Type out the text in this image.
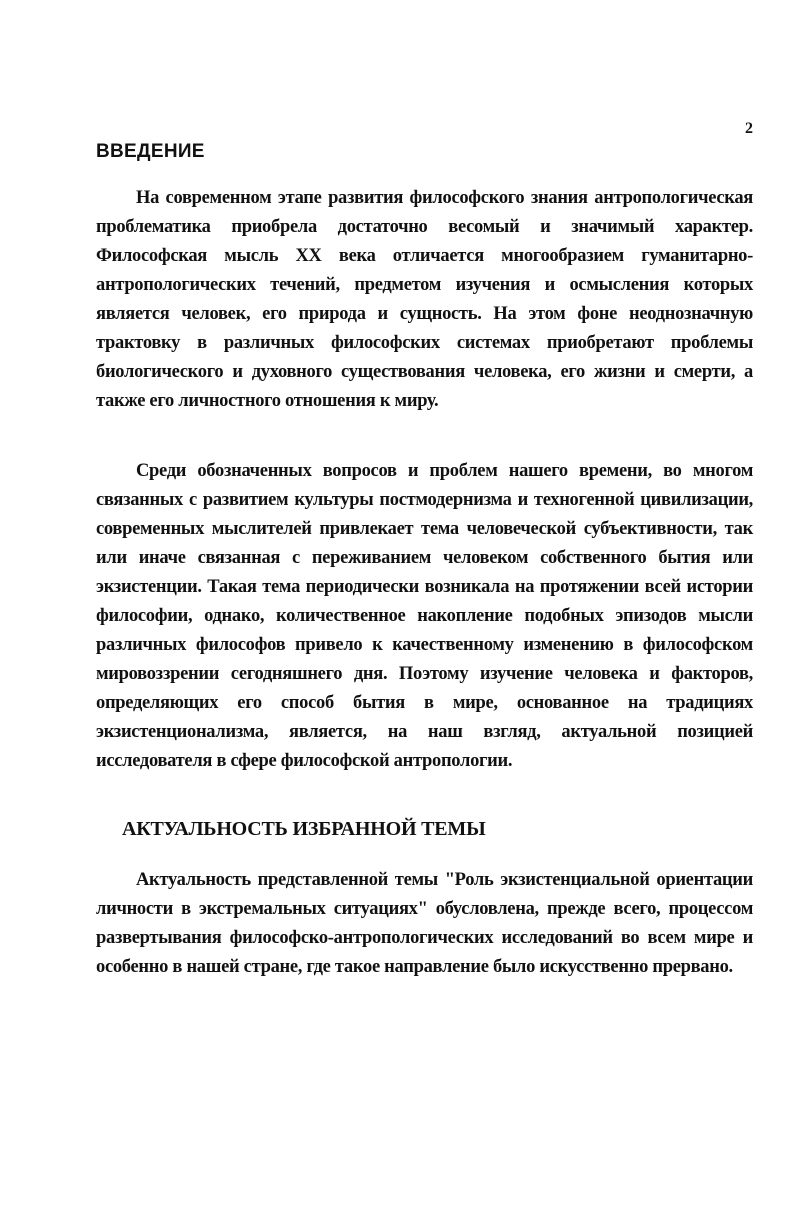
2
ВВЕДЕНИЕ

На современном этапе развития философского знания антропологическая проблематика приобрела достаточно весомый и значимый характер. Философская мысль XX века отличается многообразием гуманитарно-антропологических течений, предметом изучения и осмысления которых является человек, его природа и сущность. На этом фоне неоднозначную трактовку в различных философских системах приобретают проблемы биологического и духовного существования человека, его жизни и смерти, а также его личностного отношения к миру.

Среди обозначенных вопросов и проблем нашего времени, во многом связанных с развитием культуры постмодернизма и техногенной цивилизации, современных мыслителей привлекает тема человеческой субъективности, так или иначе связанная с переживанием человеком собственного бытия или экзистенции. Такая тема периодически возникала на протяжении всей истории философии, однако, количественное накопление подобных эпизодов мысли различных философов привело к качественному изменению в философском мировоззрении сегодняшнего дня. Поэтому изучение человека и факторов, определяющих его способ бытия в мире, основанное на традициях экзистенционализма, является, на наш взгляд, актуальной позицией исследователя в сфере философской антропологии.

АКТУАЛЬНОСТЬ ИЗБРАННОЙ ТЕМЫ

Актуальность представленной темы "Роль экзистенциальной ориентации личности в экстремальных ситуациях" обусловлена, прежде всего, процессом развертывания философско-антропологических исследований во всем мире и особенно в нашей стране, где такое направление было искусственно прервано.
